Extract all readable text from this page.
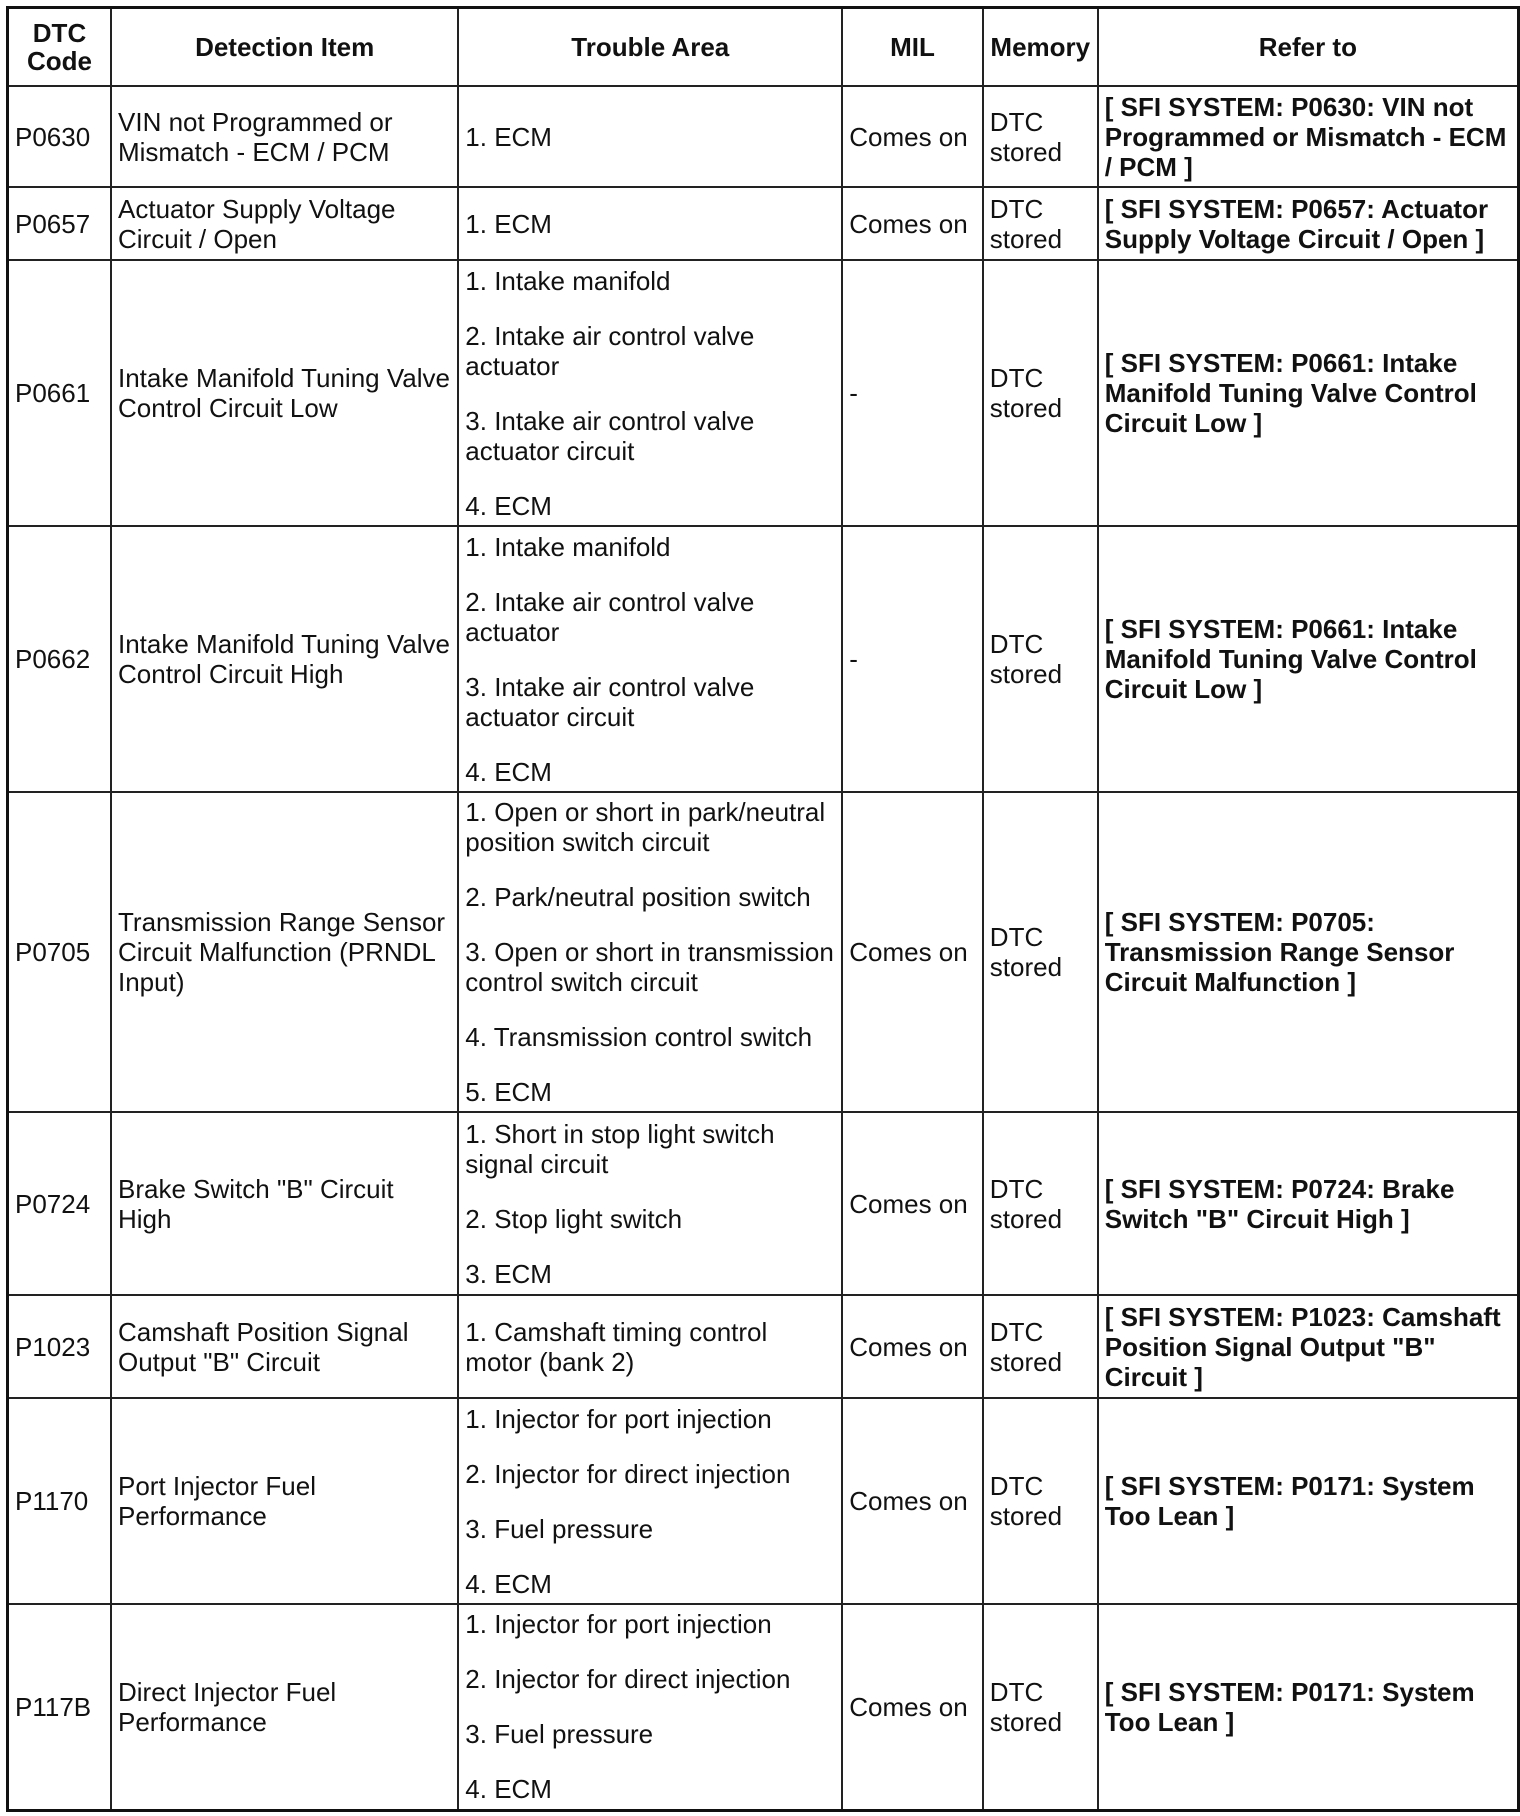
DTC Code	Detection Item	Trouble Area	MIL	Memory	Refer to
P0630	VIN not Programmed or Mismatch - ECM / PCM	1. ECM	Comes on	DTC stored	[ SFI SYSTEM: P0630: VIN not Programmed or Mismatch - ECM / PCM ]
P0657	Actuator Supply Voltage Circuit / Open	1. ECM	Comes on	DTC stored	[ SFI SYSTEM: P0657: Actuator Supply Voltage Circuit / Open ]
P0661	Intake Manifold Tuning Valve Control Circuit Low	1. Intake manifold
2. Intake air control valve actuator
3. Intake air control valve actuator circuit
4. ECM	-	DTC stored	[ SFI SYSTEM: P0661: Intake Manifold Tuning Valve Control Circuit Low ]
P0662	Intake Manifold Tuning Valve Control Circuit High	1. Intake manifold
2. Intake air control valve actuator
3. Intake air control valve actuator circuit
4. ECM	-	DTC stored	[ SFI SYSTEM: P0661: Intake Manifold Tuning Valve Control Circuit Low ]
P0705	Transmission Range Sensor Circuit Malfunction (PRNDL Input)	1. Open or short in park/neutral position switch circuit
2. Park/neutral position switch
3. Open or short in transmission control switch circuit
4. Transmission control switch
5. ECM	Comes on	DTC stored	[ SFI SYSTEM: P0705: Transmission Range Sensor Circuit Malfunction ]
P0724	Brake Switch "B" Circuit High	1. Short in stop light switch signal circuit
2. Stop light switch
3. ECM	Comes on	DTC stored	[ SFI SYSTEM: P0724: Brake Switch "B" Circuit High ]
P1023	Camshaft Position Signal Output "B" Circuit	1. Camshaft timing control motor (bank 2)	Comes on	DTC stored	[ SFI SYSTEM: P1023: Camshaft Position Signal Output "B" Circuit ]
P1170	Port Injector Fuel Performance	1. Injector for port injection
2. Injector for direct injection
3. Fuel pressure
4. ECM	Comes on	DTC stored	[ SFI SYSTEM: P0171: System Too Lean ]
P117B	Direct Injector Fuel Performance	1. Injector for port injection
2. Injector for direct injection
3. Fuel pressure
4. ECM	Comes on	DTC stored	[ SFI SYSTEM: P0171: System Too Lean ]
